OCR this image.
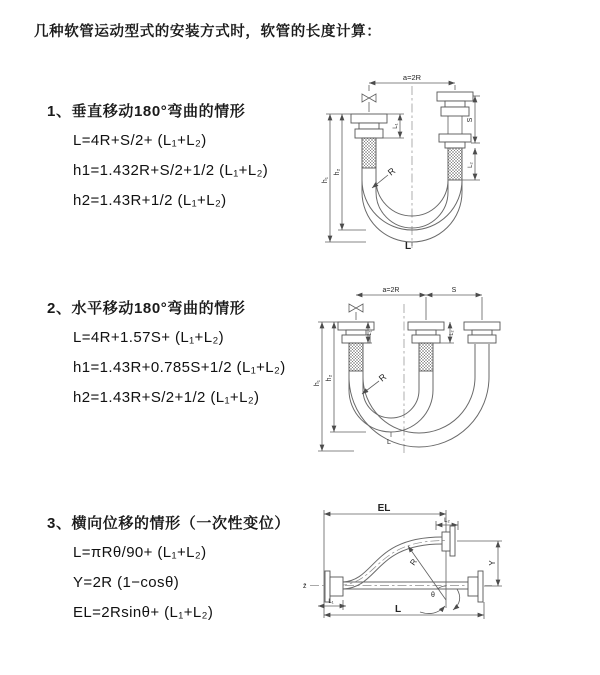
几种软管运动型式的安装方式时，软管的长度计算：
1、垂直移动180°弯曲的情形
L=4R+S/2+ (L₁+L₂)
h1=1.432R+S/2+1/2 (L₁+L₂)
h2=1.43R+1/2 (L₁+L₂)
2、水平移动180°弯曲的情形
L=4R+1.57S+ (L₁+L₂)
h1=1.43R+0.785S+1/2 (L₁+L₂)
h2=1.43R+S/2+1/2 (L₁+L₂)
3、横向位移的情形（一次性变位）
L=πRθ/90+ (L₁+L₂)
Y=2R (1−cosθ)
EL=2Rsinθ+ (L₁+L₂)
a=2R
h₁
h₂
L₁
S
L₂
R
L
a=2R	S
h₁
h₂
L₁	L₂
R
L
EL
L₂
Y
z̄
R
θ
L₁
L
